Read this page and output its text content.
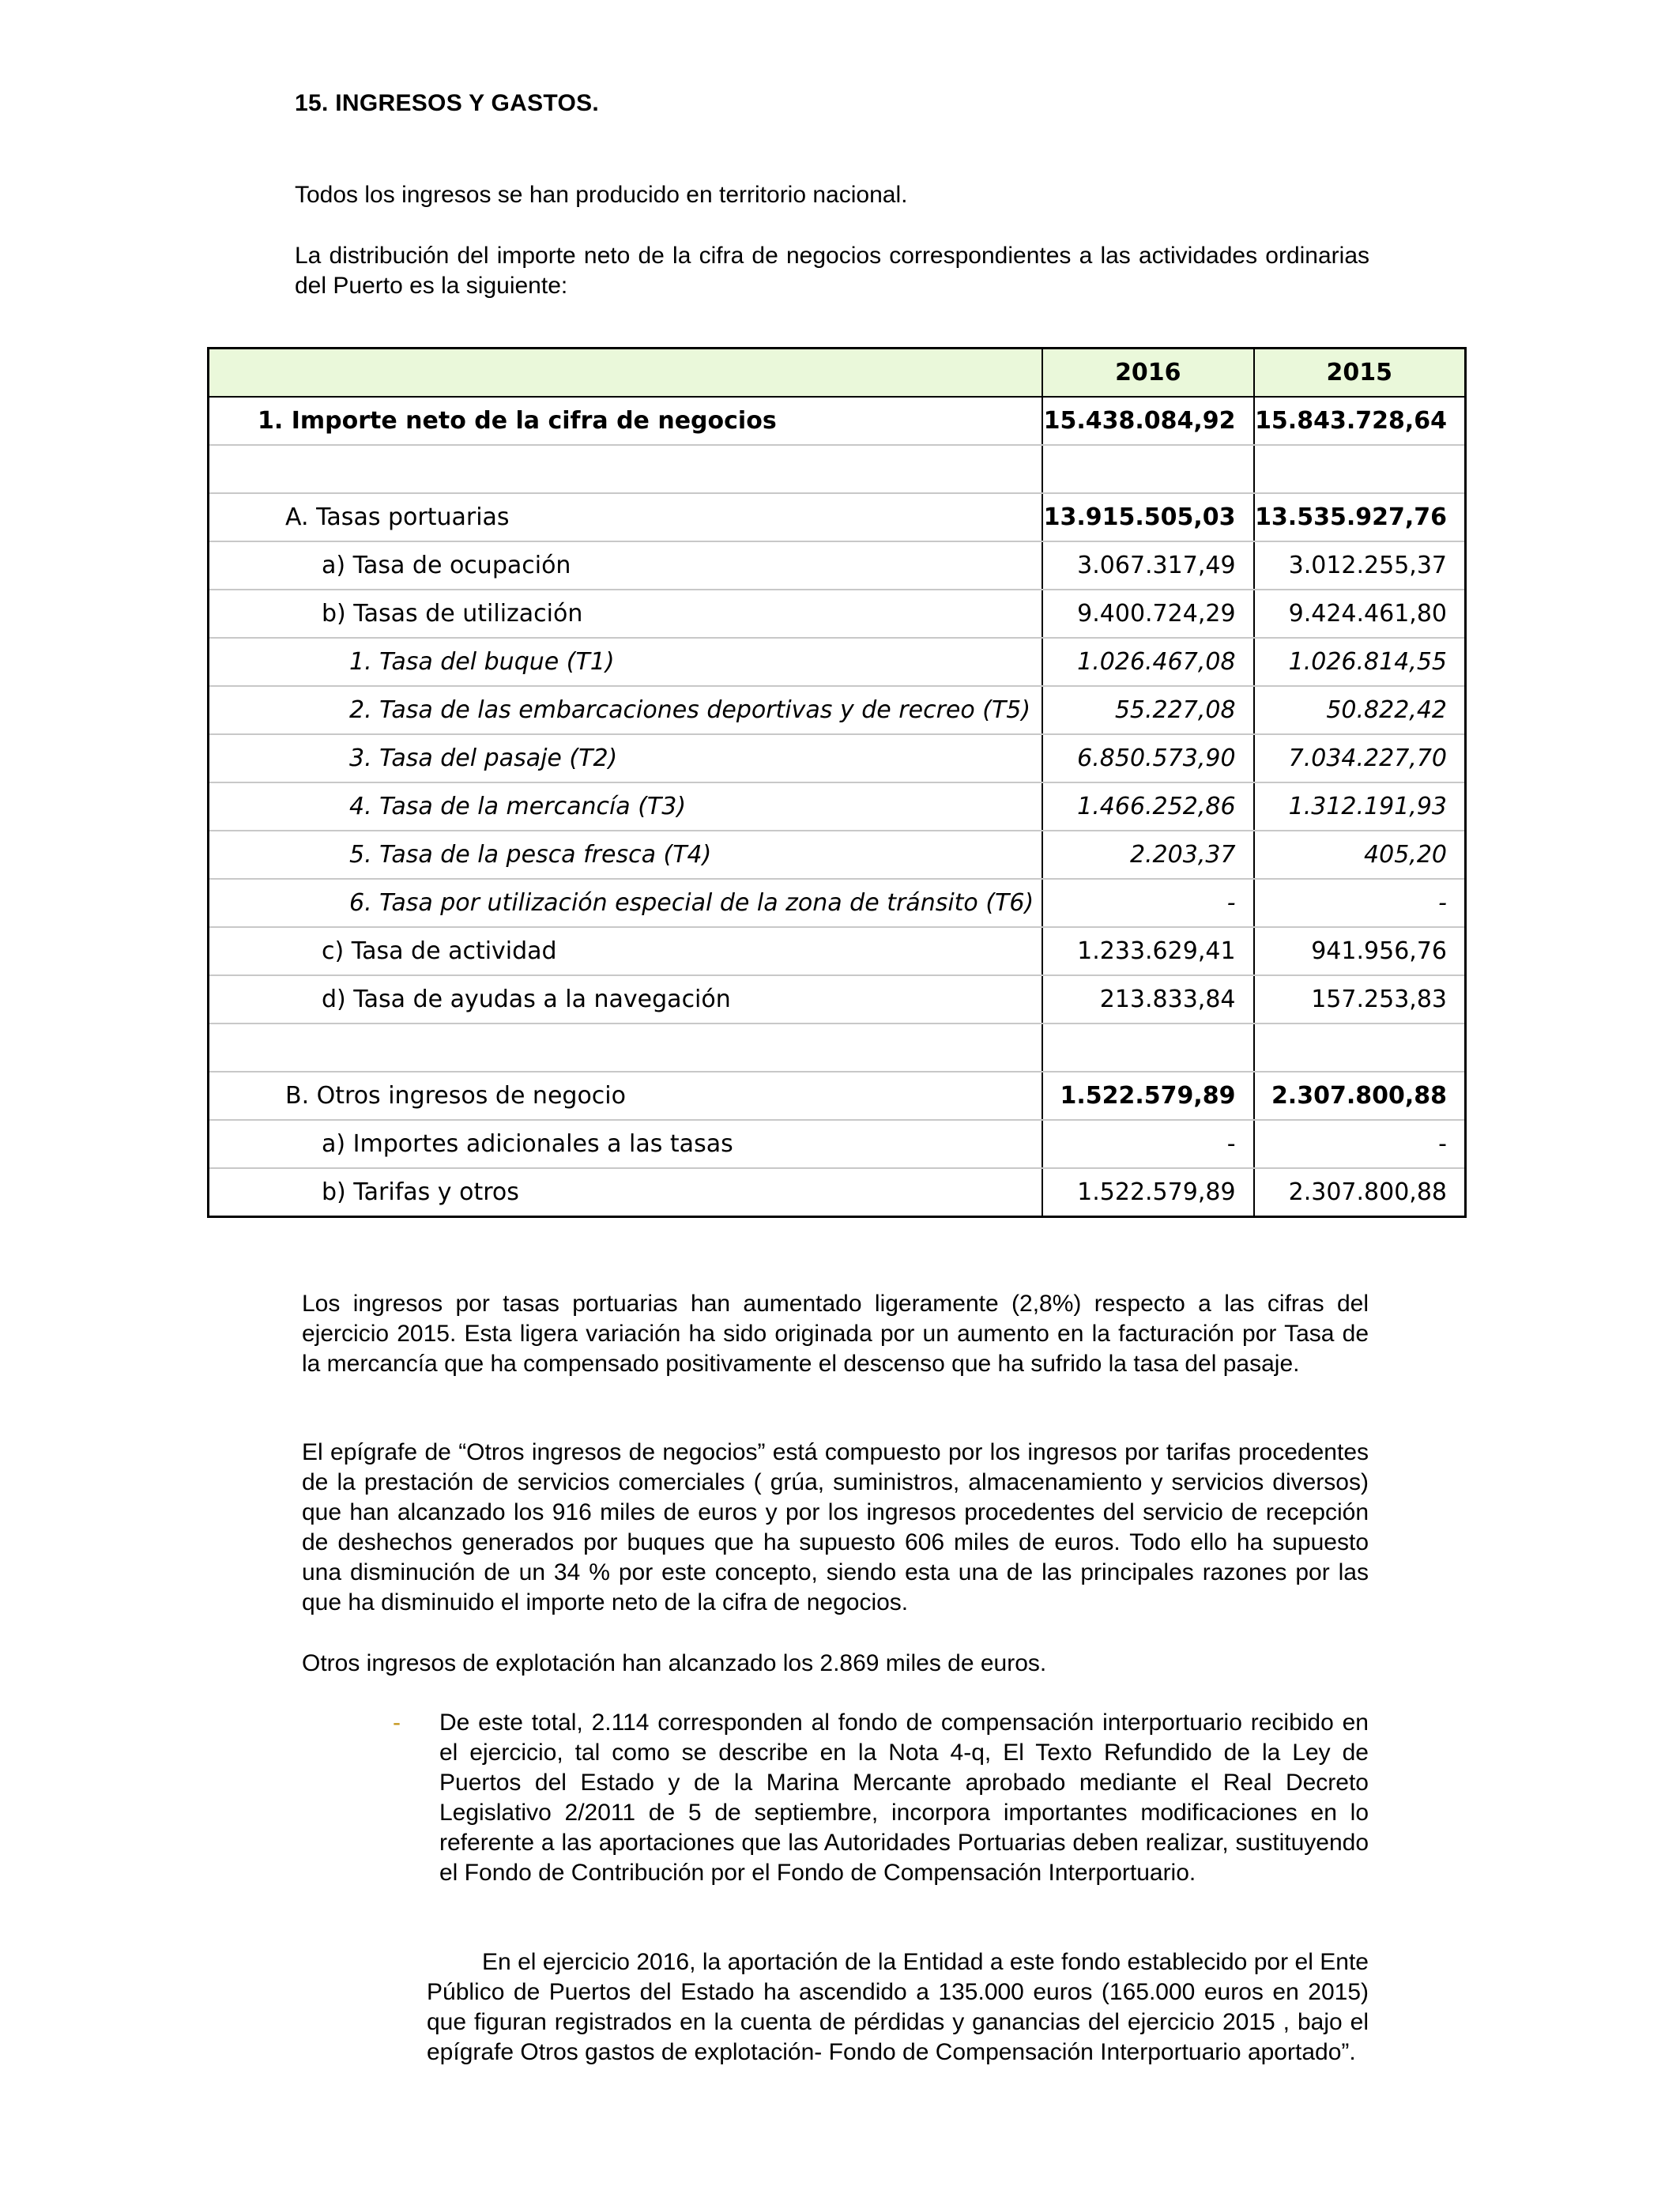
15. INGRESOS Y GASTOS.
Todos los ingresos se han producido en territorio nacional.
La distribución del importe neto de la cifra de negocios correspondientes a las actividades ordinarias del Puerto es la siguiente:
	2016	2015
1. Importe neto de la cifra de negocios	15.438.084,92	15.843.728,64

A. Tasas portuarias	13.915.505,03	13.535.927,76
a) Tasa de ocupación	3.067.317,49	3.012.255,37
b) Tasas de utilización	9.400.724,29	9.424.461,80
1. Tasa del buque (T1)	1.026.467,08	1.026.814,55
2. Tasa de las embarcaciones deportivas y de recreo (T5)	55.227,08	50.822,42
3. Tasa del pasaje (T2)	6.850.573,90	7.034.227,70
4. Tasa de la mercancía (T3)	1.466.252,86	1.312.191,93
5. Tasa de la pesca fresca (T4)	2.203,37	405,20
6. Tasa por utilización especial de la zona de tránsito (T6)	-	-
c) Tasa de actividad	1.233.629,41	941.956,76
d) Tasa de ayudas a la navegación	213.833,84	157.253,83

B. Otros ingresos de negocio	1.522.579,89	2.307.800,88
a) Importes adicionales a las tasas	-	-
b) Tarifas y otros	1.522.579,89	2.307.800,88
Los ingresos por tasas portuarias han aumentado ligeramente (2,8%) respecto a las cifras del ejercicio 2015. Esta ligera variación ha sido originada por un aumento en la facturación por Tasa de la mercancía que ha compensado positivamente el descenso que ha sufrido la tasa del pasaje.
El epígrafe de “Otros ingresos de negocios” está compuesto por los ingresos por tarifas procedentes de la prestación de servicios comerciales ( grúa, suministros, almacenamiento y servicios diversos) que han alcanzado los 916 miles de euros y por los ingresos procedentes del servicio de recepción de deshechos generados por buques que ha supuesto 606 miles de euros. Todo ello ha supuesto una disminución de un 34 % por este concepto, siendo esta una de las principales razones por las que ha disminuido el importe neto de la cifra de negocios.
Otros ingresos de explotación han alcanzado los 2.869 miles de euros.
- De este total, 2.114 corresponden al fondo de compensación interportuario recibido en el ejercicio, tal como se describe en la Nota 4-q, El Texto Refundido de la Ley de Puertos del Estado y de la Marina Mercante aprobado mediante el Real Decreto Legislativo 2/2011 de 5 de septiembre, incorpora importantes modificaciones en lo referente a las aportaciones que las Autoridades Portuarias deben realizar, sustituyendo el Fondo de Contribución por el Fondo de Compensación Interportuario.
En el ejercicio 2016, la aportación de la Entidad a este fondo establecido por el Ente Público de Puertos del Estado ha ascendido a 135.000 euros (165.000 euros en 2015) que figuran registrados en la cuenta de pérdidas y ganancias del ejercicio 2015 , bajo el epígrafe Otros gastos de explotación- Fondo de Compensación Interportuario aportado”.
